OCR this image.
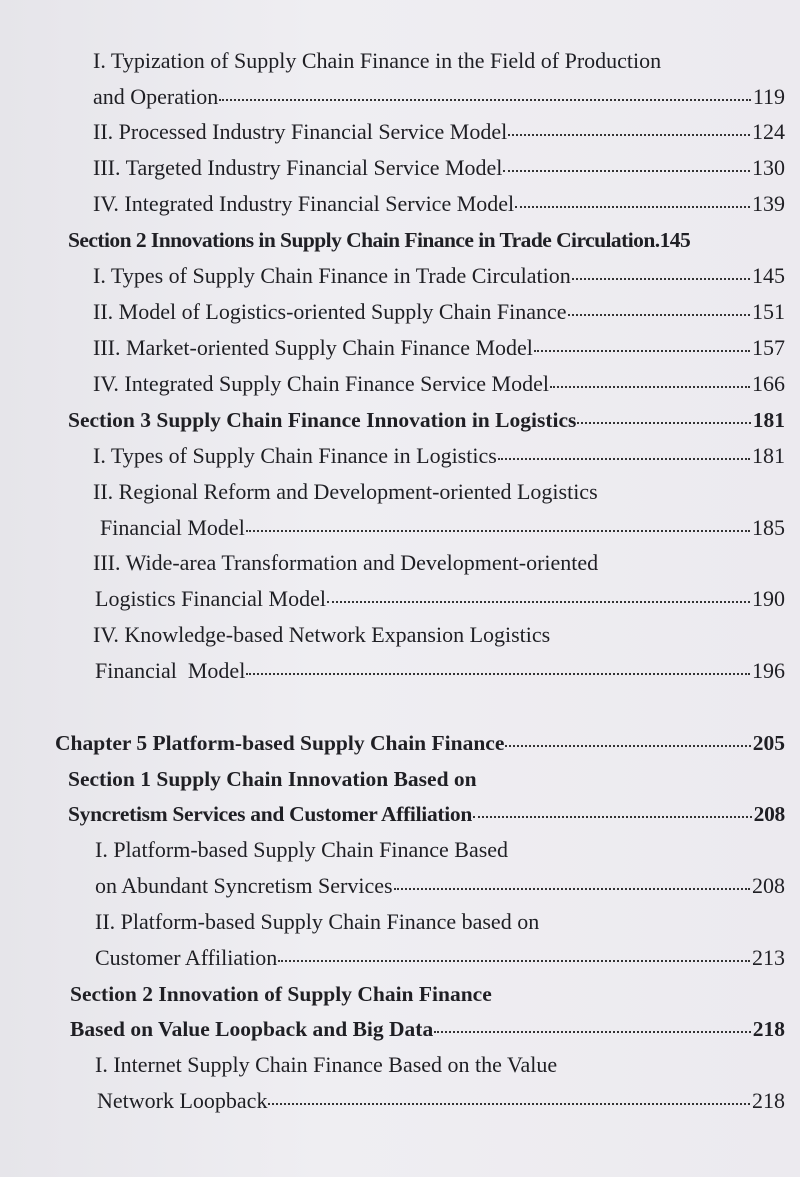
I. Typization of Supply Chain Finance in the Field of Production
and Operation	119
II. Processed Industry Financial Service Model	124
III. Targeted Industry Financial Service Model	130
IV. Integrated Industry Financial Service Model	139
Section 2 Innovations in Supply Chain Finance in Trade Circulation. 145
I. Types of Supply Chain Finance in Trade Circulation	145
II. Model of Logistics-oriented Supply Chain Finance	151
III. Market-oriented Supply Chain Finance Model	157
IV. Integrated Supply Chain Finance Service Model	166
Section 3 Supply Chain Finance Innovation in Logistics	181
I. Types of Supply Chain Finance in Logistics	181
II. Regional Reform and Development-oriented Logistics
Financial Model	185
III. Wide-area Transformation and Development-oriented
Logistics Financial Model	190
IV. Knowledge-based Network Expansion Logistics
Financial  Model	196
Chapter 5 Platform-based Supply Chain Finance	205
Section 1 Supply Chain Innovation Based on
Syncretism Services and Customer Affiliation	208
I. Platform-based Supply Chain Finance Based
on Abundant Syncretism Services	208
II. Platform-based Supply Chain Finance based on
Customer Affiliation	213
Section 2 Innovation of Supply Chain Finance
Based on Value Loopback and Big Data	218
I. Internet Supply Chain Finance Based on the Value
Network Loopback	218
